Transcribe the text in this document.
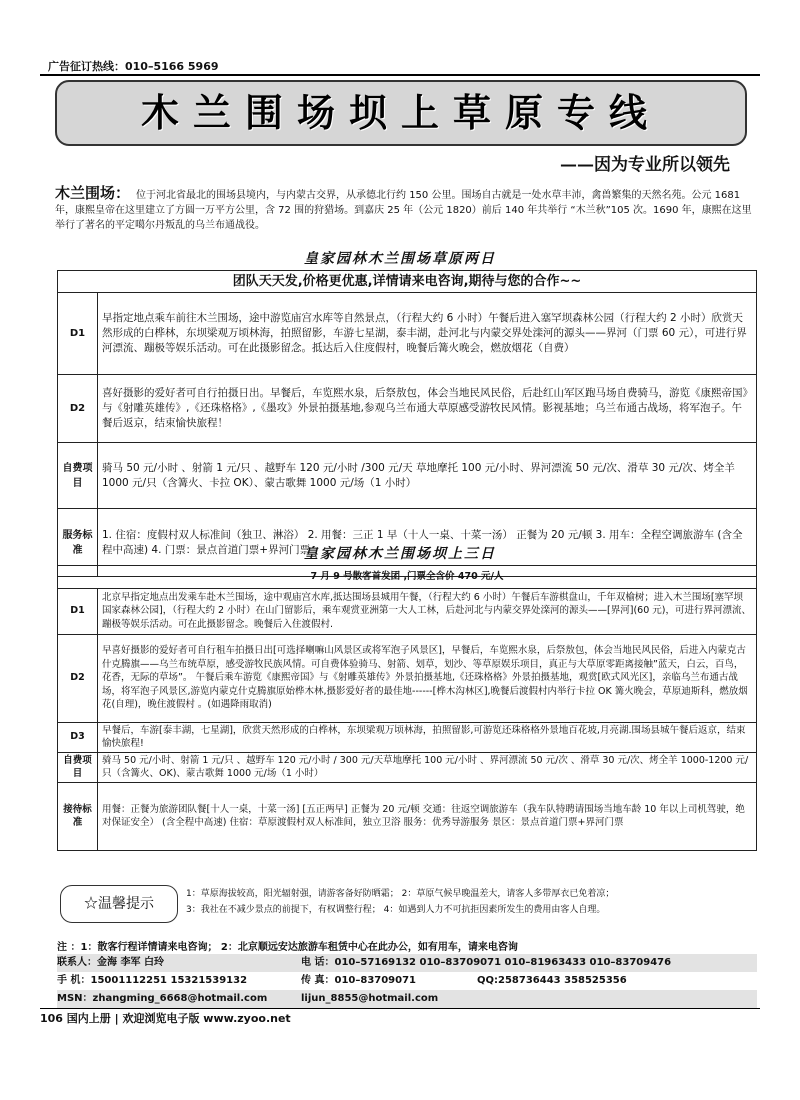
广告征订热线：010–5166 5969
木兰围场坝上草原专线
——因为专业所以领先
木兰围场： 位于河北省最北的围场县境内，与内蒙古交界，从承德北行约 150 公里。围场自古就是一处水草丰沛，禽兽繁集的天然名苑。公元 1681 年，康熙皇帝在这里建立了方圆一万平方公里，含 72 围的狩猎场。到嘉庆 25 年（公元 1820）前后 140 年共举行 “木兰秋”105 次。1690 年，康熙在这里举行了著名的平定噶尔丹叛乱的乌兰布通战役。
皇家园林木兰围场草原两日
团队天天发,价格更优惠,详情请来电咨询,期待与您的合作~~	
D1	早指定地点乘车前往木兰围场，途中游览庙宫水库等自然景点，（行程大约 6 小时）午餐后进入塞罕坝森林公园（行程大约 2 小时）欣赏天然形成的白桦林，东坝梁观万顷林海，拍照留影，车游七星湖，泰丰湖，赴河北与内蒙交界处滦河的源头——界河（门票 60 元），可进行界河漂流、蹦极等娱乐活动。可在此摄影留念。抵达后入住度假村，晚餐后篝火晚会，燃放烟花（自费）
D2	喜好摄影的爱好者可自行拍摄日出。早餐后，车览熙水泉，后祭敖包，体会当地民风民俗，后赴红山军区跑马场自费骑马，游览《康熙帝国》与《射雕英雄传》,《还珠格格》,《墨攻》外景拍摄基地,参观乌兰布通大草原感受游牧民风情。影视基地；乌兰布通古战场，将军泡子。午餐后返京，结束愉快旅程！
自费项目	骑马 50 元/小时 、射箭 1 元/只 、越野车 120 元/小时 /300 元/天 草地摩托 100 元/小时、界河漂流 50 元/次、滑草 30 元/次、烤全羊 1000 元/只（含篝火、卡拉 OK）、蒙古歌舞 1000 元/场（1 小时）
服务标准	1. 住宿：度假村双人标准间（独卫、淋浴） 2. 用餐：三正 1 早（十人一桌、十菜一汤） 正餐为 20 元/顿 3. 用车：全程空调旅游车 (含全程中高速) 4. 门票：景点首道门票+界河门票
皇家园林木兰围场坝上三日
7 月 9 号散客首发团 ,门票全含价 470 元/人	
D1	北京早指定地点出发乘车赴木兰围场，途中观庙宫水库,抵达围场县城用午餐，（行程大约 6 小时）午餐后车游棋盘山，千年双榆树；进入木兰围场[塞罕坝国家森林公园]，（行程大约 2 小时）在山门留影后，乘车观赏亚洲第一大人工林，后赴河北与内蒙交界处滦河的源头——[界河](60 元)，可进行界河漂流、蹦极等娱乐活动。可在此摄影留念。晚餐后入住渡假村.
D2	早喜好摄影的爱好者可自行租车拍摄日出[可选择喇嘛山风景区或将军泡子风景区]，早餐后，车览熙水泉，后祭敖包，体会当地民风民俗，后进入内蒙克古什克腾旗——乌兰布统草原，感受游牧民族风情。可自费体验骑马、射箭、划草，划沙、等草原娱乐项目，真正与大草原零距离接触”蓝天，白云，百鸟，花香，无际的草场”。 午餐后乘车游览《康熙帝国》与《射雕英雄传》外景拍摄基地,《还珠格格》外景拍摄基地，观赏[欧式风光区]，亲临乌兰布通古战场，将军泡子风景区,游览内蒙克什克腾旗原始桦木林,摄影爱好者的最佳地------[桦木沟林区],晚餐后渡假村内举行卡拉 OK 篝火晚会，草原迪斯科，燃放烟花(自理)，晚住渡假村 。(如遇降雨取消)
D3	早餐后，车游[泰丰湖，七星湖]，欣赏天然形成的白桦林，东坝梁观万顷林海，拍照留影,可游览还珠格格外景地百花坡,月亮湖.围场县城午餐后返京，结束愉快旅程!
自费项目	骑马 50 元/小时、射箭 1 元/只 、越野车 120 元/小时 / 300 元/天草地摩托 100 元/小时 、界河漂流 50 元/次 、滑草 30 元/次、烤全羊 1000-1200 元/只（含篝火、OK)、蒙古歌舞 1000 元/场（1 小时）
接待标准	用餐：正餐为旅游团队餐[十人一桌，十菜一汤] [五正两早] 正餐为 20 元/顿 交通：往返空调旅游车（我车队特聘请围场当地车龄 10 年以上司机驾驶，绝对保证安全） (含全程中高速) 住宿：草原渡假村双人标准间，独立卫浴 服务：优秀导游服务 景区：景点首道门票+界河门票
☆温馨提示
1：草原海拔较高，阳光辐射强，请游客备好防晒霜； 2：草原气候早晚温差大，请客人多带厚衣已免着凉；
3：我社在不减少景点的前提下，有权调整行程； 4：如遇到人力不可抗拒因素所发生的费用由客人自理。
注 ：1：散客行程详情请来电咨询； 2：北京顺远安达旅游车租赁中心在此办公，如有用车，请来电咨询
联系人：金海 李军 白玲	电 话：010–57169132 010–83709071 010–81963433 010–83709476
手 机：15001112251 15321539132	传 真：010–83709071	QQ:258736443 358525356
MSN：zhangming_6668@hotmail.com	lijun_8855@hotmail.com
106 国内上册 | 欢迎浏览电子版 www.zyoo.net
